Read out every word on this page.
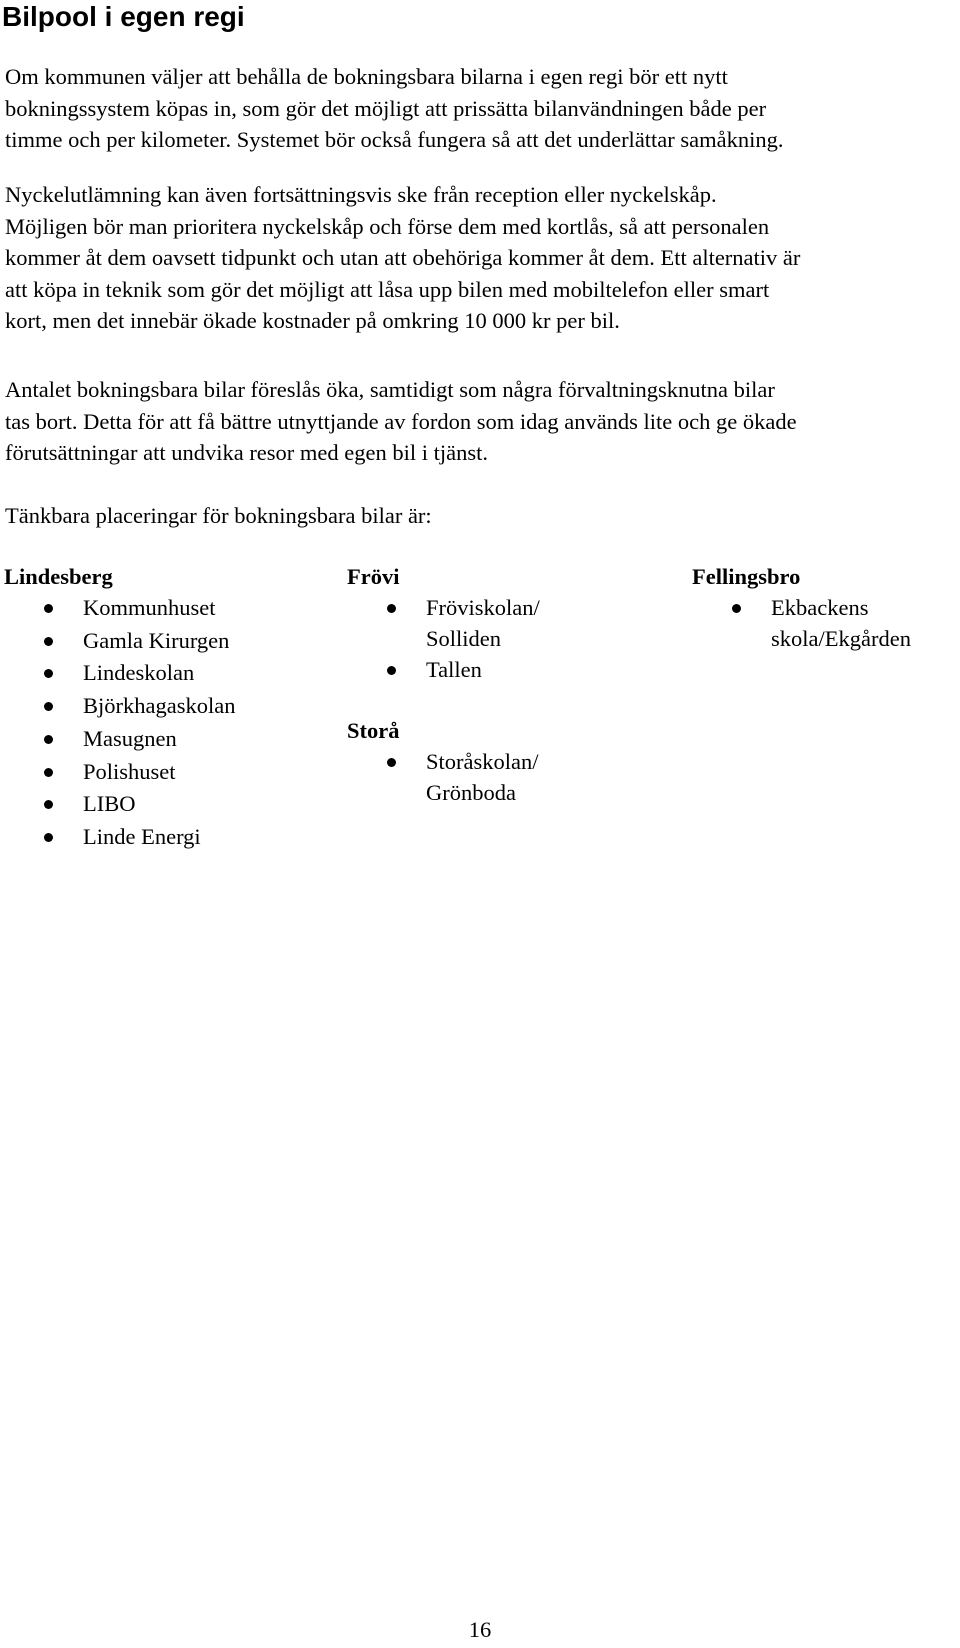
Bilpool i egen regi

Om kommunen väljer att behålla de bokningsbara bilarna i egen regi bör ett nytt
bokningssystem köpas in, som gör det möjligt att prissätta bilanvändningen både per
timme och per kilometer. Systemet bör också fungera så att det underlättar samåkning.

Nyckelutlämning kan även fortsättningsvis ske från reception eller nyckelskåp.
Möjligen bör man prioritera nyckelskåp och förse dem med kortlås, så att personalen
kommer åt dem oavsett tidpunkt och utan att obehöriga kommer åt dem. Ett alternativ är
att köpa in teknik som gör det möjligt att låsa upp bilen med mobiltelefon eller smart
kort, men det innebär ökade kostnader på omkring 10 000 kr per bil.

Antalet bokningsbara bilar föreslås öka, samtidigt som några förvaltningsknutna bilar
tas bort. Detta för att få bättre utnyttjande av fordon som idag används lite och ge ökade
förutsättningar att undvika resor med egen bil i tjänst.

Tänkbara placeringar för bokningsbara bilar är:

Lindesberg
Kommunhuset
Gamla Kirurgen
Lindeskolan
Björkhagaskolan
Masugnen
Polishuset
LIBO
Linde Energi
Frövi
Fröviskolan/
Solliden
Tallen
Storå
Storåskolan/
Grönboda
Fellingsbro
Ekbackens
skola/Ekgården
16
